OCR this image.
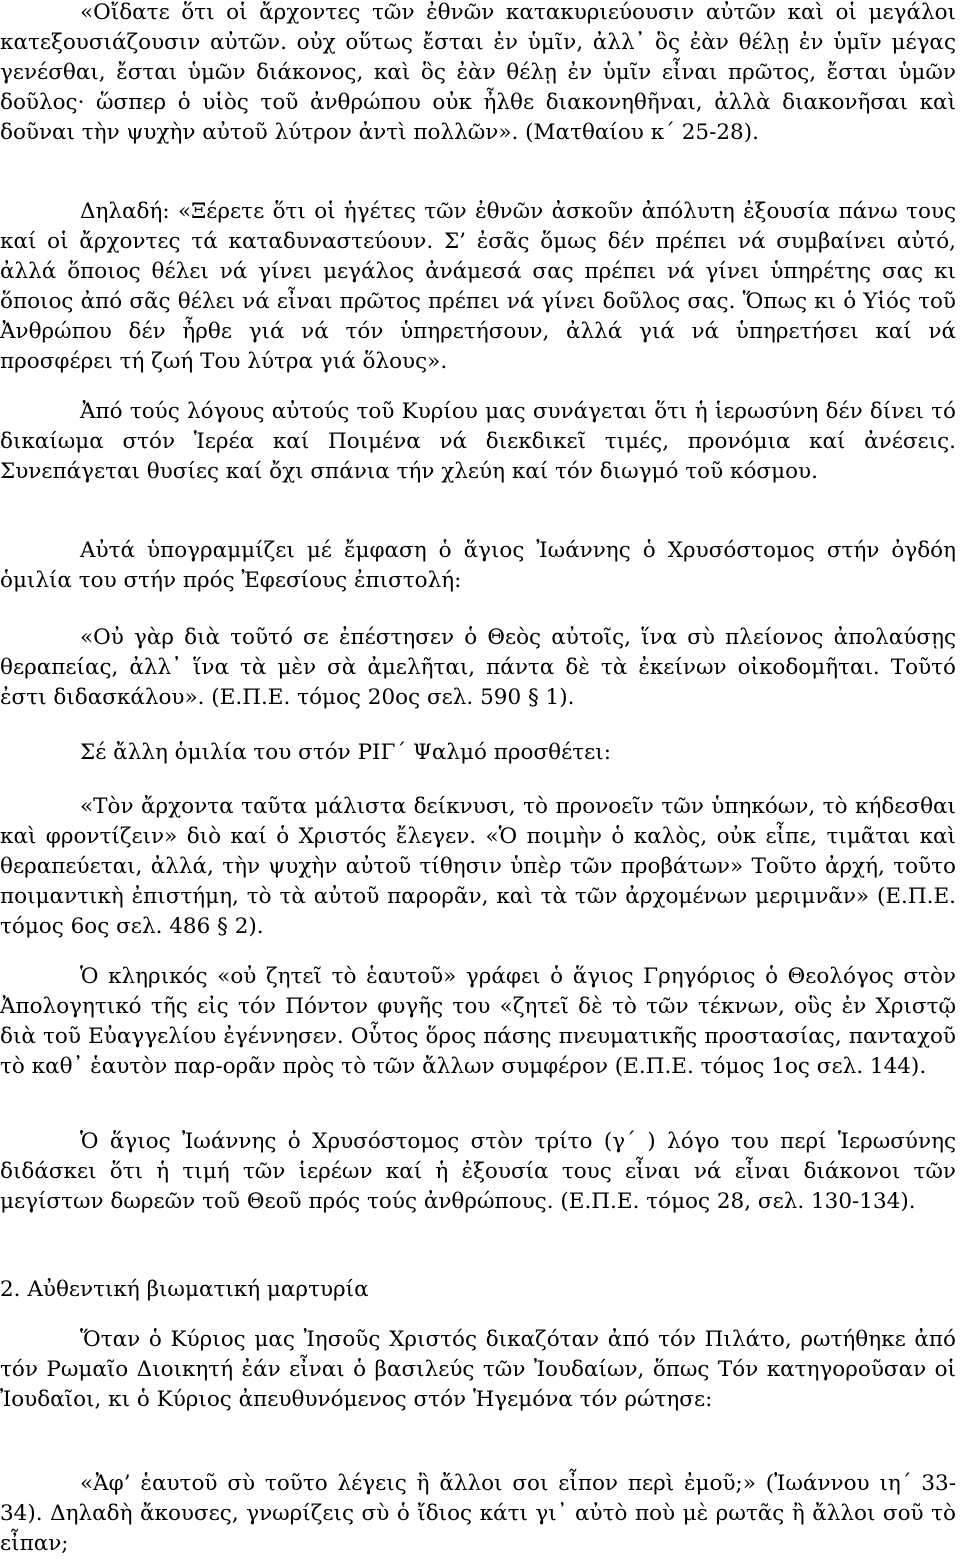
«Οἴδατε ὅτι οἱ ἄρχοντες τῶν ἐθνῶν κατακυριεύουσιν αὐτῶν καὶ οἱ μεγάλοι κατεξουσιάζουσιν αὐτῶν. οὐχ οὕτως ἔσται ἐν ὑμῖν, ἀλλ᾽ ὃς ἐὰν θέλῃ ἐν ὑμῖν μέγας γενέσθαι, ἔσται ὑμῶν διάκονος, καὶ ὃς ἐὰν θέλῃ ἐν ὑμῖν εἶναι πρῶτος, ἔσται ὑμῶν δοῦλος· ὥσπερ ὁ υἱὸς τοῦ ἀνθρώπου οὐκ ἦλθε διακονηθῆναι, ἀλλὰ διακονῆσαι καὶ δοῦναι τὴν ψυχὴν αὐτοῦ λύτρον ἀντὶ πολλῶν». (Ματθαίου κ΄ 25-28).

Δηλαδή: «Ξέρετε ὅτι οἱ ἡγέτες τῶν ἐθνῶν ἀσκοῦν ἀπόλυτη ἐξουσία πάνω τους καί οἱ ἄρχοντες τά καταδυναστεύουν. Σ’ ἐσᾶς ὅμως δέν πρέπει νά συμβαίνει αὐτό, ἀλλά ὅποιος θέλει νά γίνει μεγάλος ἀνάμεσά σας πρέπει νά γίνει ὑπηρέτης σας κι ὅποιος ἀπό σᾶς θέλει νά εἶναι πρῶτος πρέπει νά γίνει δοῦλος σας. Ὅπως κι ὁ Υἱός τοῦ Ἀνθρώπου δέν ἦρθε γιά νά τόν ὑπηρετήσουν, ἀλλά γιά νά ὑπηρετήσει καί νά προσφέρει τή ζωή Του λύτρα γιά ὅλους».

Ἀπό τούς λόγους αὐτούς τοῦ Κυρίου μας συνάγεται ὅτι ἡ ἱερωσύνη δέν δίνει τό δικαίωμα στόν Ἱερέα καί Ποιμένα νά διεκδικεῖ τιμές, προνόμια καί ἀνέσεις. Συνεπάγεται θυσίες καί ὄχι σπάνια τήν χλεύη καί τόν διωγμό τοῦ κόσμου.

Αὐτά ὑπογραμμίζει μέ ἔμφαση ὁ ἅγιος Ἰωάννης ὁ Χρυσόστομος στήν ὀγδόη ὁμιλία του στήν πρός Ἐφεσίους ἐπιστολή:

«Οὐ γὰρ διὰ τοῦτό σε ἐπέστησεν ὁ Θεὸς αὐτοῖς, ἵνα σὺ πλείονος ἀπολαύσῃς θεραπείας, ἀλλ᾽ ἵνα τὰ μὲν σὰ ἀμελῆται, πάντα δὲ τὰ ἐκείνων οἰκοδομῆται. Τοῦτό ἐστι διδασκάλου». (Ε.Π.Ε. τόμος 20ος σελ. 590 § 1).

Σέ ἄλλη ὁμιλία του στόν ΡΙΓ΄ Ψαλμό προσθέτει:

«Τὸν ἄρχοντα ταῦτα μάλιστα δείκνυσι, τὸ προνοεῖν τῶν ὑπηκόων, τὸ κήδεσθαι καὶ φροντίζειν» διὸ καί ὁ Χριστός ἔλεγεν. «Ὁ ποιμὴν ὁ καλὸς, οὐκ εἶπε, τιμᾶται καὶ θεραπεύεται, ἀλλά, τὴν ψυχὴν αὐτοῦ τίθησιν ὑπὲρ τῶν προβάτων» Τοῦτο ἀρχή, τοῦτο ποιμαντικὴ ἐπιστήμη, τὸ τὰ αὐτοῦ παρορᾶν, καὶ τὰ τῶν ἀρχομένων μεριμνᾶν» (Ε.Π.Ε. τόμος 6ος σελ. 486 § 2).

Ὁ κληρικός «οὐ ζητεῖ τὸ ἑαυτοῦ» γράφει ὁ ἅγιος Γρηγόριος ὁ Θεολόγος στὸν Ἀπολογητικό τῆς εἰς τόν Πόντον φυγῆς του «ζητεῖ δὲ τὸ τῶν τέκνων, οὓς ἐν Χριστῷ διὰ τοῦ Εὐαγγελίου ἐγέννησεν. Οὗτος ὅρος πάσης πνευματικῆς προστασίας, πανταχοῦ τὸ καθ᾽ ἑαυτὸν παρ-ορᾶν πρὸς τὸ τῶν ἄλλων συμφέρον (Ε.Π.Ε. τόμος 1ος σελ. 144).

Ὁ ἅγιος Ἰωάννης ὁ Χρυσόστομος στὸν τρίτο (γ΄ ) λόγο του περί Ἱερωσύνης διδάσκει ὅτι ἡ τιμή τῶν ἱερέων καί ἡ ἐξουσία τους εἶναι νά εἶναι διάκονοι τῶν μεγίστων δωρεῶν τοῦ Θεοῦ πρός τούς ἀνθρώπους. (Ε.Π.Ε. τόμος 28, σελ. 130-134).

2. Αὐθεντική βιωματική μαρτυρία

Ὅταν ὁ Κύριος μας Ἰησοῦς Χριστός δικαζόταν ἀπό τόν Πιλάτο, ρωτήθηκε ἀπό τόν Ρωμαῖο Διοικητή ἐάν εἶναι ὁ βασιλεύς τῶν Ἰουδαίων, ὅπως Τόν κατηγοροῦσαν οἱ Ἰουδαῖοι, κι ὁ Κύριος ἀπευθυνόμενος στόν Ἡγεμόνα τόν ρώτησε:

«Ἀφ’ ἑαυτοῦ σὺ τοῦτο λέγεις ἢ ἄλλοι σοι εἶπον περὶ ἐμοῦ;» (Ἰωάννου ιη΄ 33-34). Δηλαδὴ ἄκουσες, γνωρίζεις σὺ ὁ ἴδιος κάτι γι᾽ αὐτὸ ποὺ μὲ ρωτᾶς ἢ ἄλλοι σοῦ τὸ εἶπαν;
